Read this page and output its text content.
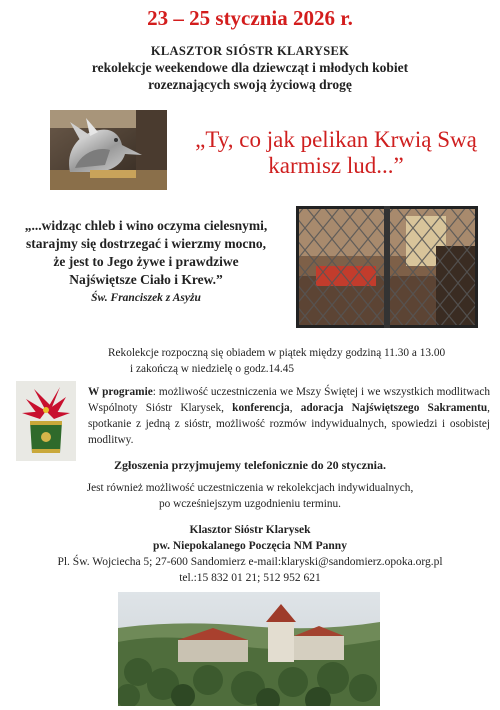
23 – 25 stycznia 2026 r.
KLASZTOR SIÓSTR KLARYSEK
rekolekcje weekendowe dla dziewcząt i młodych kobiet
rozeznających swoją życiową drogę
„Ty, co jak pelikan Krwią Swą
karmisz lud...”
„...widząc chleb i wino oczyma cielesnymi,
starajmy się dostrzegać i wierzmy mocno,
że jest to Jego żywe i prawdziwe
Najświętsze Ciało i Krew.”
Św. Franciszek z Asyżu
Rekolekcje rozpoczną się obiadem w piątek między godziną 11.30 a 13.00
i zakończą w niedzielę o godz.14.45
W programie: możliwość uczestniczenia we Mszy Świętej i we wszystkich modlitwach Wspólnoty Sióstr Klarysek, konferencja, adoracja Najświętszego Sakramentu, spotkanie z jedną z sióstr, możliwość rozmów indywidualnych, spowiedzi i osobistej modlitwy.
Zgłoszenia przyjmujemy telefonicznie do 20 stycznia.
Jest również możliwość uczestniczenia w rekolekcjach indywidualnych,
po wcześniejszym uzgodnieniu terminu.
Klasztor Sióstr Klarysek
pw. Niepokalanego Poczęcia NM Panny
Pl. Św. Wojciecha 5; 27-600 Sandomierz e-mail:klaryski@sandomierz.opoka.org.pl
tel.:15 832 01 21; 512 952 621
